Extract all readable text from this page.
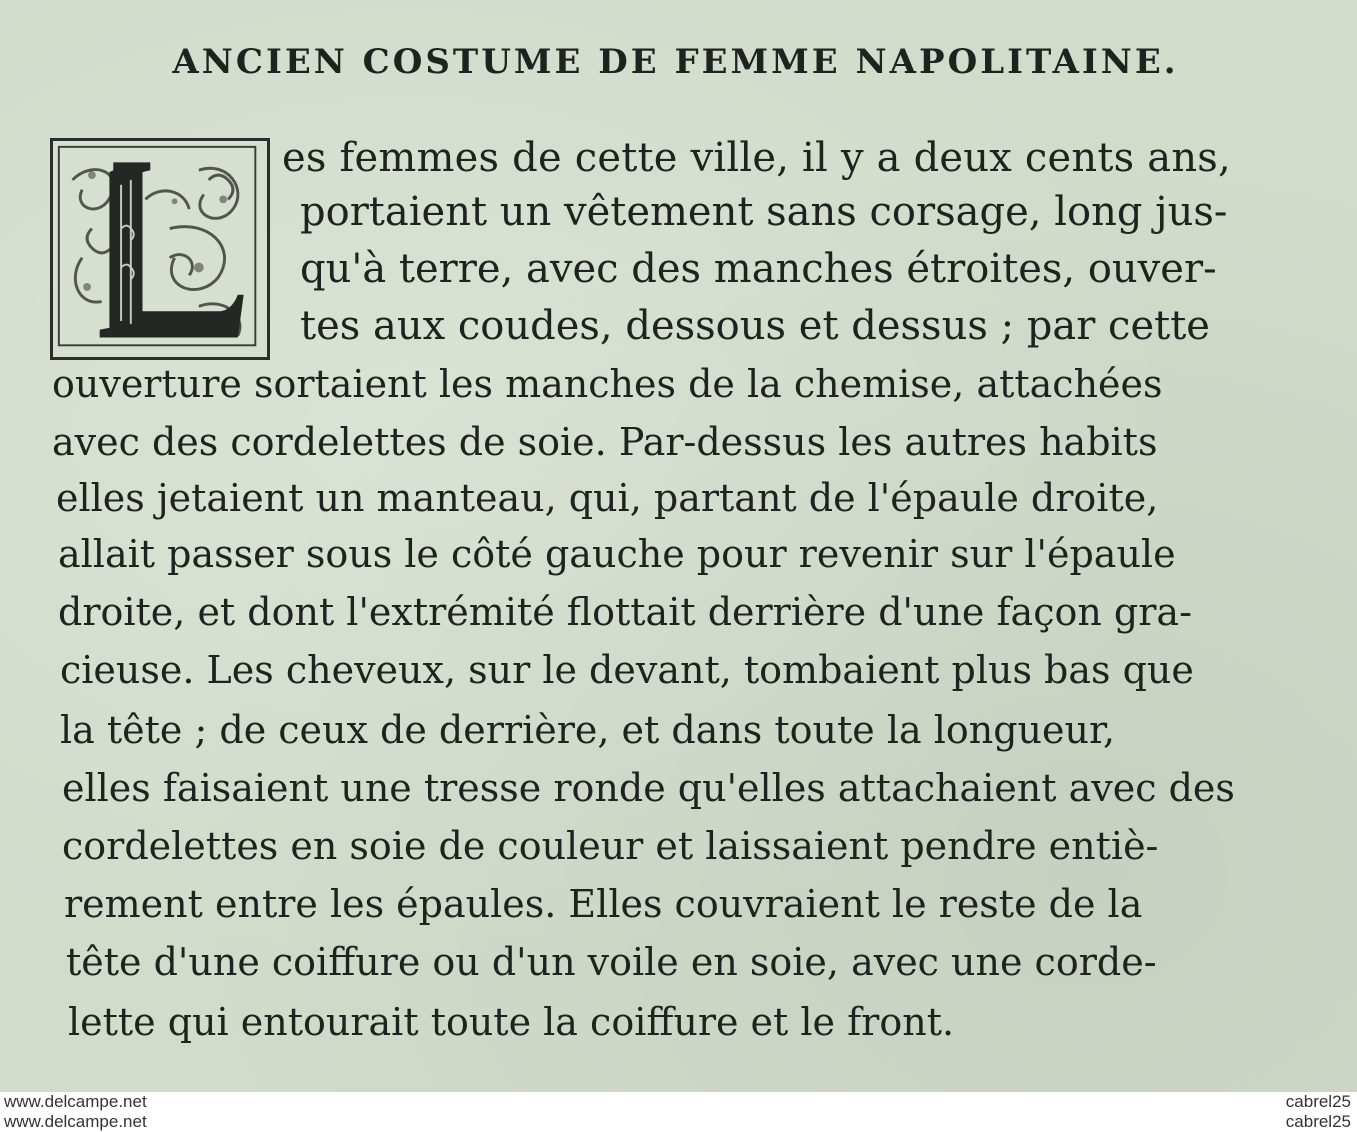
ANCIEN COSTUME DE FEMME NAPOLITAINE.
es femmes de cette ville, il y a deux cents ans,
portaient un vêtement sans corsage, long jus-
qu'à terre, avec des manches étroites, ouver-
tes aux coudes, dessous et dessus ; par cette
ouverture sortaient les manches de la chemise, attachées
avec des cordelettes de soie. Par-dessus les autres habits
elles jetaient un manteau, qui, partant de l'épaule droite,
allait passer sous le côté gauche pour revenir sur l'épaule
droite, et dont l'extrémité flottait derrière d'une façon gra-
cieuse. Les cheveux, sur le devant, tombaient plus bas que
la tête ; de ceux de derrière, et dans toute la longueur,
elles faisaient une tresse ronde qu'elles attachaient avec des
cordelettes en soie de couleur et laissaient pendre entiè-
rement entre les épaules. Elles couvraient le reste de la
tête d'une coiffure ou d'un voile en soie, avec une corde-
lette qui entourait toute la coiffure et le front.
www.delcampe.net
www.delcampe.net
cabrel25
cabrel25
